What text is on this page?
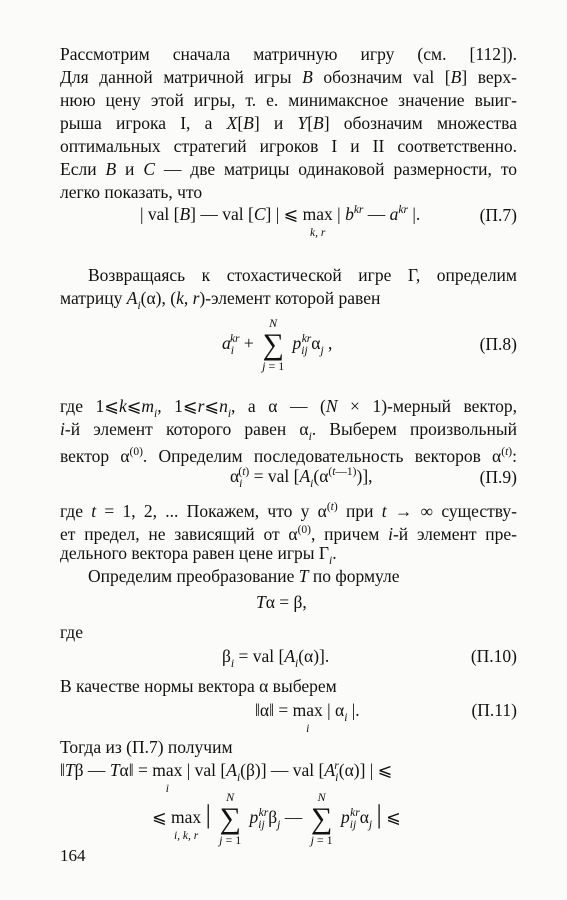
Рассмотрим сначала матричную игру (см. [112]).
Для данной матричной игры B обозначим val [B] верх-
нюю цену этой игры, т. е. минимаксное значение выиг-
рыша игрока I, а X[B] и Y[B] обозначим множества
оптимальных стратегий игроков I и II соответственно.
Если B и C — две матрицы одинаковой размерности, то
легко показать, что
| val [B] — val [C] | ⩽ max
k, r
| $b^{kr}$ — $a^{kr}$ |.	(П.7)
Возвращаясь к стохастической игре Γ, определим
матрицу $A_i(\alpha)$, (k, r)-элемент которой равен
$a_i^{kr}$ +
N
∑
j = 1
$p_{ij}^{kr}\alpha_j$ ,	(П.8)
где $1⩽k⩽m_i$, $1⩽r⩽n_i$, а α — (N × 1)-мерный вектор,
i-й элемент которого равен $\alpha_i$. Выберем произвольный
вектор $\alpha^{(0)}$. Определим последовательность векторов $\alpha^{(t)}$:
$\alpha_i^{(t)}$ = val $[A_i(\alpha^{(t—1)})]$,	(П.9)
где t = 1, 2, ... Покажем, что у $\alpha^{(t)}$ при t → ∞ существу-
ет предел, не зависящий от $\alpha^{(0)}$, причем i-й элемент пре-
дельного вектора равен цене игры $\Gamma_i$.
Определим преобразование T по формуле
Tα = β,
где
$\beta_i$ = val $[A_i(\alpha)]$.	(П.10)
В качестве нормы вектора α выберем
‖α‖ = max
i
| $\alpha_i$ |.	(П.11)
Тогда из (П.7) получим
‖Tβ — Tα‖ = max
i
| val $[A_i(\beta)]$ — val $[A_i^r(\alpha)]$ | ⩽
⩽ max
i, k, r
|
N
∑
j = 1
$p_{ij}^{kr}\beta_j$ —
N
∑
j = 1
$p_{ij}^{kr}\alpha_j$ | ⩽
164
